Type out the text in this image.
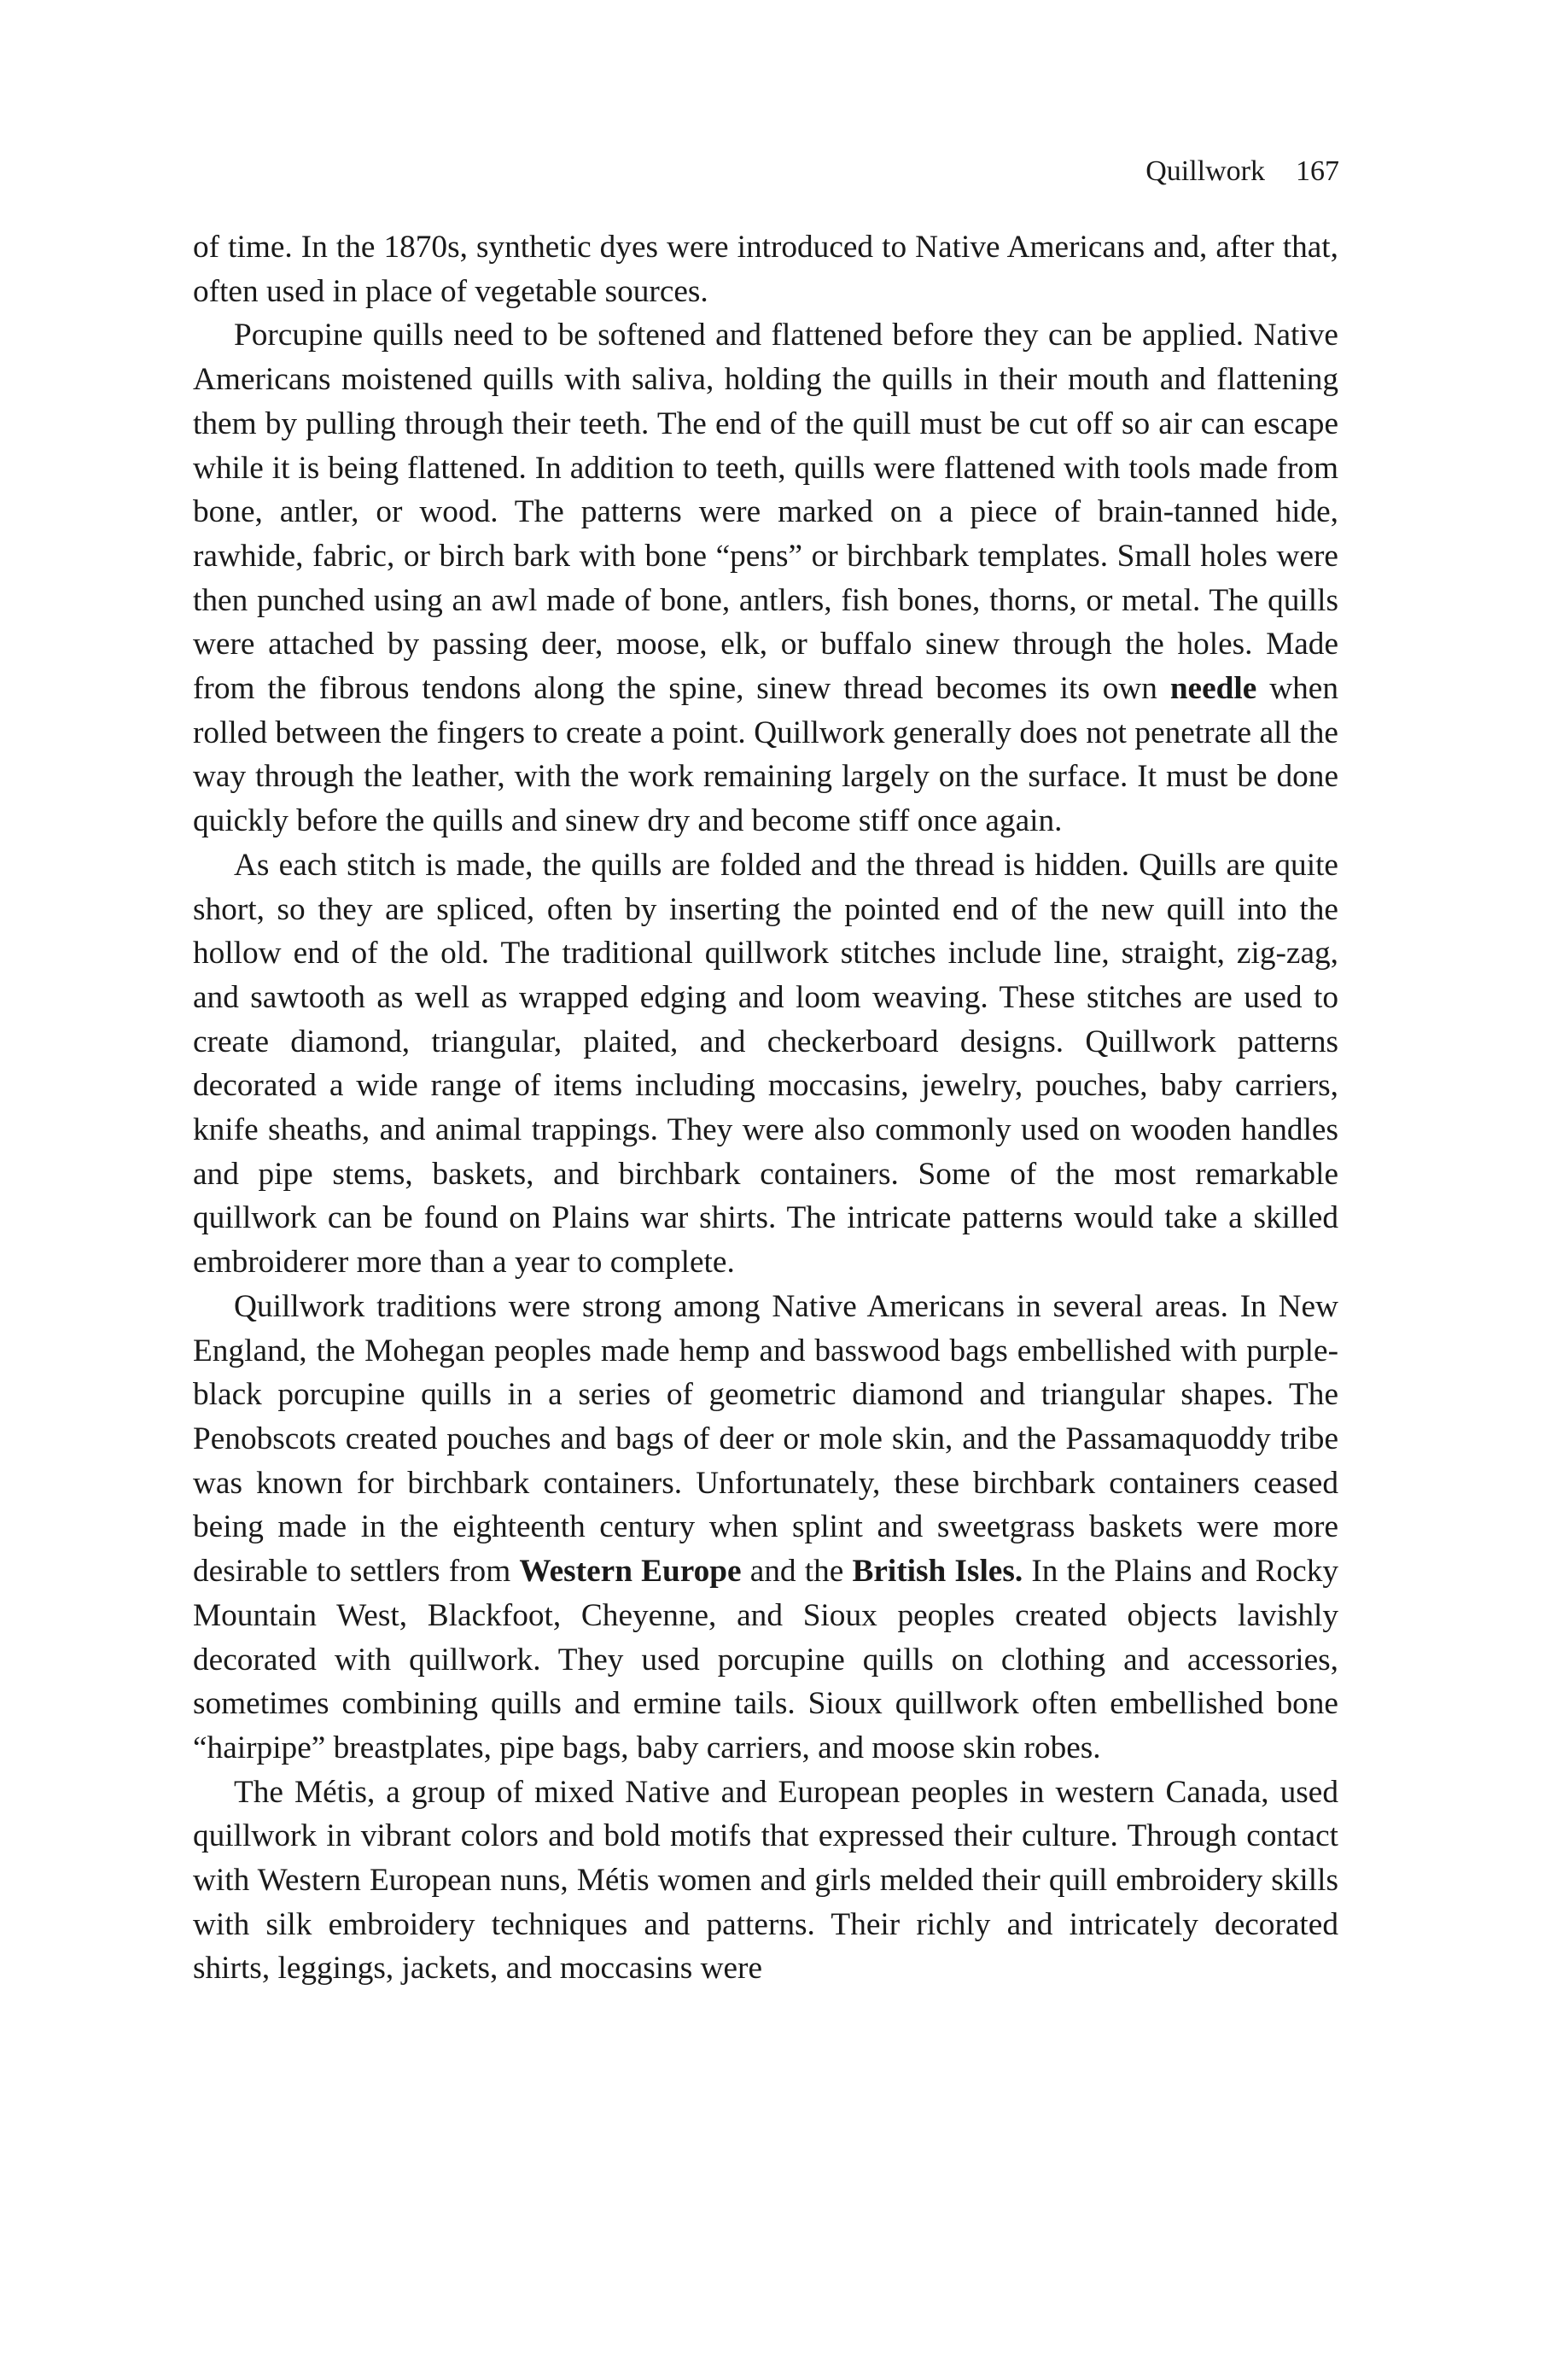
Quillwork 167

of time. In the 1870s, synthetic dyes were introduced to Native Americans and, after that, often used in place of vegetable sources.

Porcupine quills need to be softened and flattened before they can be applied. Native Americans moistened quills with saliva, holding the quills in their mouth and flattening them by pulling through their teeth. The end of the quill must be cut off so air can escape while it is being flattened. In addition to teeth, quills were flattened with tools made from bone, antler, or wood. The patterns were marked on a piece of brain-tanned hide, rawhide, fabric, or birch bark with bone “pens” or birchbark templates. Small holes were then punched using an awl made of bone, antlers, fish bones, thorns, or metal. The quills were attached by passing deer, moose, elk, or buffalo sinew through the holes. Made from the fibrous tendons along the spine, sinew thread becomes its own needle when rolled between the fingers to create a point. Quillwork generally does not penetrate all the way through the leather, with the work remaining largely on the surface. It must be done quickly before the quills and sinew dry and become stiff once again.

As each stitch is made, the quills are folded and the thread is hidden. Quills are quite short, so they are spliced, often by inserting the pointed end of the new quill into the hollow end of the old. The traditional quillwork stitches include line, straight, zig-zag, and sawtooth as well as wrapped edging and loom weaving. These stitches are used to create diamond, triangular, plaited, and checkerboard designs. Quillwork patterns decorated a wide range of items including moccasins, jewelry, pouches, baby carriers, knife sheaths, and animal trappings. They were also commonly used on wooden handles and pipe stems, baskets, and birchbark containers. Some of the most remarkable quillwork can be found on Plains war shirts. The intricate patterns would take a skilled embroiderer more than a year to complete.

Quillwork traditions were strong among Native Americans in several areas. In New England, the Mohegan peoples made hemp and basswood bags embellished with purple-black porcupine quills in a series of geometric diamond and triangular shapes. The Penobscots created pouches and bags of deer or mole skin, and the Passamaquoddy tribe was known for birchbark containers. Unfortunately, these birchbark containers ceased being made in the eighteenth century when splint and sweetgrass baskets were more desirable to settlers from Western Europe and the British Isles. In the Plains and Rocky Mountain West, Blackfoot, Cheyenne, and Sioux peoples created objects lavishly decorated with quillwork. They used porcupine quills on clothing and accessories, sometimes combining quills and ermine tails. Sioux quillwork often embellished bone “hairpipe” breastplates, pipe bags, baby carriers, and moose skin robes.

The Métis, a group of mixed Native and European peoples in western Canada, used quillwork in vibrant colors and bold motifs that expressed their culture. Through contact with Western European nuns, Métis women and girls melded their quill embroidery skills with silk embroidery techniques and patterns. Their richly and intricately decorated shirts, leggings, jackets, and moccasins were
